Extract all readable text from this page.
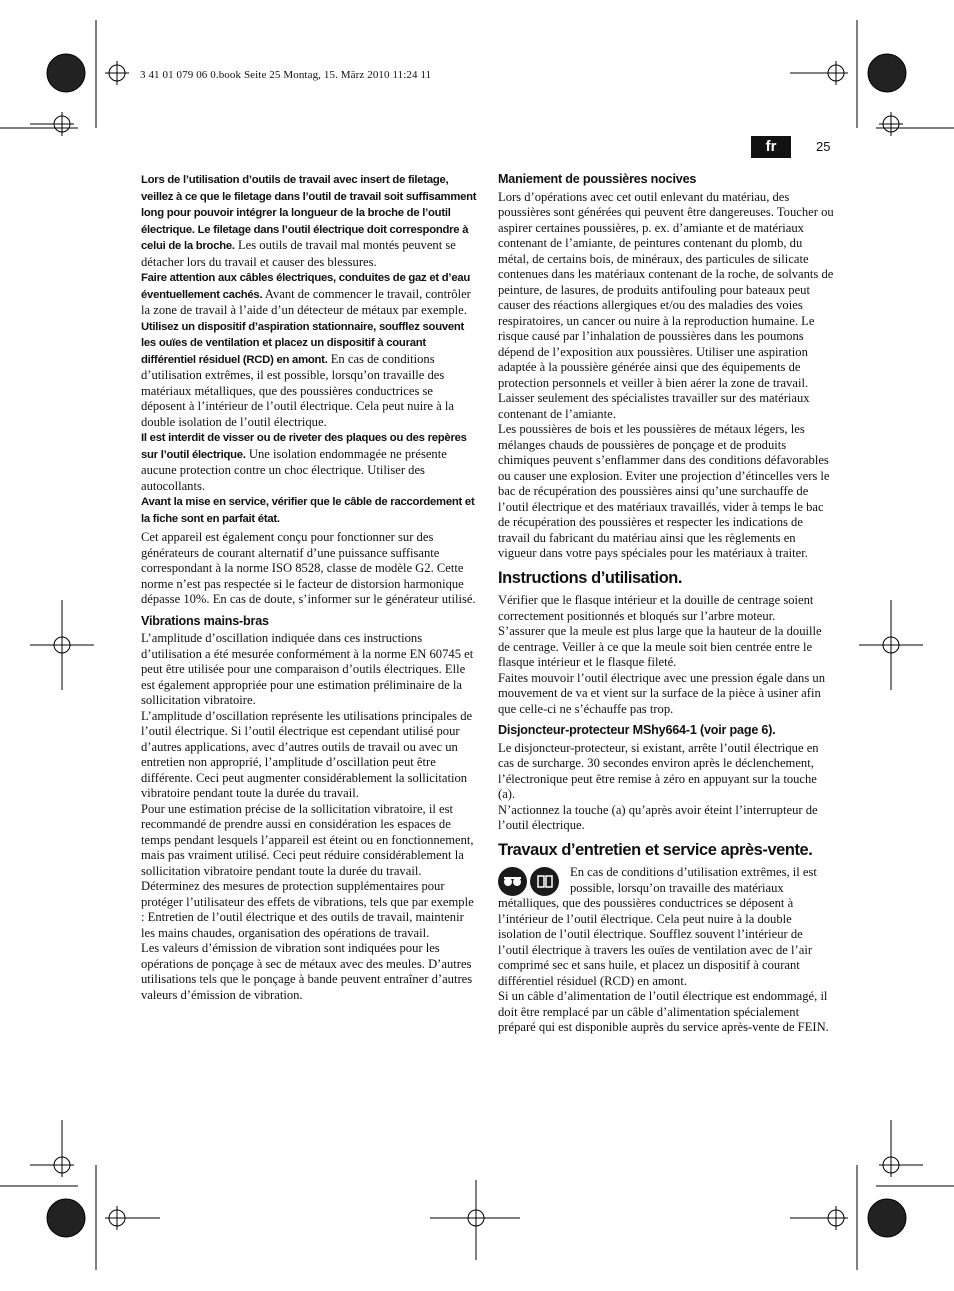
3 41 01 079 06 0.book Seite 25 Montag, 15. März 2010 11:24 11
fr	25

Lors de l’utilisation d’outils de travail avec insert de filetage, veillez à ce que le filetage dans l’outil de travail soit suffisamment long pour pouvoir intégrer la longueur de la broche de l’outil électrique. Le filetage dans l’outil électrique doit correspondre à celui de la broche. Les outils de travail mal montés peuvent se détacher lors du travail et causer des blessures.

Faire attention aux câbles électriques, conduites de gaz et d’eau éventuellement cachés. Avant de commencer le travail, contrôler la zone de travail à l’aide d’un détecteur de métaux par exemple.

Utilisez un dispositif d’aspiration stationnaire, soufflez souvent les ouïes de ventilation et placez un dispositif à courant différentiel résiduel (RCD) en amont. En cas de conditions d’utilisation extrêmes, il est possible, lorsqu’on travaille des matériaux métalliques, que des poussières conductrices se déposent à l’intérieur de l’outil électrique. Cela peut nuire à la double isolation de l’outil électrique.

Il est interdit de visser ou de riveter des plaques ou des repères sur l’outil électrique. Une isolation endommagée ne présente aucune protection contre un choc électrique. Utiliser des autocollants.

Avant la mise en service, vérifier que le câble de raccordement et la fiche sont en parfait état.

Cet appareil est également conçu pour fonctionner sur des générateurs de courant alternatif d’une puissance suffisante correspondant à la norme ISO 8528, classe de modèle G2. Cette norme n’est pas respectée si le facteur de distorsion harmonique dépasse 10%. En cas de doute, s’informer sur le générateur utilisé.

Vibrations mains-bras

L’amplitude d’oscillation indiquée dans ces instructions d’utilisation a été mesurée conformément à la norme EN 60745 et peut être utilisée pour une comparaison d’outils électriques. Elle est également appropriée pour une estimation préliminaire de la sollicitation vibratoire.

L’amplitude d’oscillation représente les utilisations principales de l’outil électrique. Si l’outil électrique est cependant utilisé pour d’autres applications, avec d’autres outils de travail ou avec un entretien non approprié, l’amplitude d’oscillation peut être différente. Ceci peut augmenter considérablement la sollicitation vibratoire pendant toute la durée du travail.

Pour une estimation précise de la sollicitation vibratoire, il est recommandé de prendre aussi en considération les espaces de temps pendant lesquels l’appareil est éteint ou en fonctionnement, mais pas vraiment utilisé. Ceci peut réduire considérablement la sollicitation vibratoire pendant toute la durée du travail.

Déterminez des mesures de protection supplémentaires pour protéger l’utilisateur des effets de vibrations, tels que par exemple : Entretien de l’outil électrique et des outils de travail, maintenir les mains chaudes, organisation des opérations de travail.

Les valeurs d’émission de vibration sont indiquées pour les opérations de ponçage à sec de métaux avec des meules. D’autres utilisations tels que le ponçage à bande peuvent entraîner d’autres valeurs d’émission de vibration.

Maniement de poussières nocives

Lors d’opérations avec cet outil enlevant du matériau, des poussières sont générées qui peuvent être dangereuses. Toucher ou aspirer certaines poussières, p. ex. d’amiante et de matériaux contenant de l’amiante, de peintures contenant du plomb, du métal, de certains bois, de minéraux, des particules de silicate contenues dans les matériaux contenant de la roche, de solvants de peinture, de lasures, de produits antifouling pour bateaux peut causer des réactions allergiques et/ou des maladies des voies respiratoires, un cancer ou nuire à la reproduction humaine. Le risque causé par l’inhalation de poussières dans les poumons dépend de l’exposition aux poussières. Utiliser une aspiration adaptée à la poussière générée ainsi que des équipements de protection personnels et veiller à bien aérer la zone de travail. Laisser seulement des spécialistes travailler sur des matériaux contenant de l’amiante.

Les poussières de bois et les poussières de métaux légers, les mélanges chauds de poussières de ponçage et de produits chimiques peuvent s’enflammer dans des conditions défavorables ou causer une explosion. Eviter une projection d’étincelles vers le bac de récupération des poussières ainsi qu’une surchauffe de l’outil électrique et des matériaux travaillés, vider à temps le bac de récupération des poussières et respecter les indications de travail du fabricant du matériau ainsi que les règlements en vigueur dans votre pays spéciales pour les matériaux à traiter.

Instructions d’utilisation.

Vérifier que le flasque intérieur et la douille de centrage soient correctement positionnés et bloqués sur l’arbre moteur.

S’assurer que la meule est plus large que la hauteur de la douille de centrage. Veiller à ce que la meule soit bien centrée entre le flasque intérieur et le flasque fileté.

Faites mouvoir l’outil électrique avec une pression égale dans un mouvement de va et vient sur la surface de la pièce à usiner afin que celle-ci ne s’échauffe pas trop.

Disjoncteur-protecteur MShy664-1 (voir page 6).

Le disjoncteur-protecteur, si existant, arrête l’outil électrique en cas de surcharge. 30 secondes environ après le déclenchement, l’électronique peut être remise à zéro en appuyant sur la touche (a).

N’actionnez la touche (a) qu’après avoir éteint l’interrupteur de l’outil électrique.

Travaux d’entretien et service après-vente.

En cas de conditions d’utilisation extrêmes, il est possible, lorsqu’on travaille des matériaux métalliques, que des poussières conductrices se déposent à l’intérieur de l’outil électrique. Cela peut nuire à la double isolation de l’outil électrique. Soufflez souvent l’intérieur de l’outil électrique à travers les ouïes de ventilation avec de l’air comprimé sec et sans huile, et placez un dispositif à courant différentiel résiduel (RCD) en amont.

Si un câble d’alimentation de l’outil électrique est endommagé, il doit être remplacé par un câble d’alimentation spécialement préparé qui est disponible auprès du service après-vente de FEIN.
